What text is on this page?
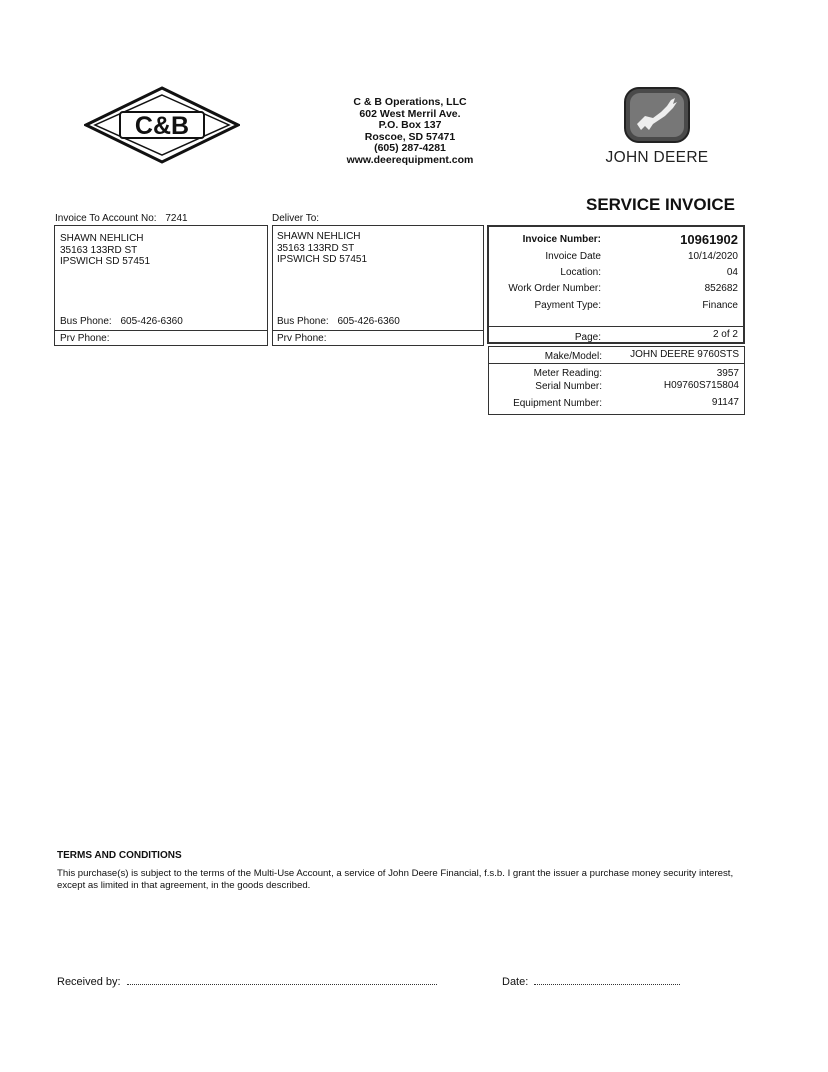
C&B
C & B Operations, LLC
602 West Merril Ave.
P.O. Box 137
Roscoe, SD 57471
(605) 287-4281
www.deerequipment.com	JOHN DEERE
SERVICE INVOICE
Invoice To Account No: 7241	Deliver To:
SHAWN NEHLICH
35163 133RD ST
IPSWICH SD 57451
Bus Phone: 605-426-6360
Prv Phone:
SHAWN NEHLICH
35163 133RD ST
IPSWICH SD 57451
Bus Phone: 605-426-6360
Prv Phone:
Invoice Number:	10961902
Invoice Date	10/14/2020
Location:	04
Work Order Number:	852682
Payment Type:	Finance
Page:	2 of 2
Make/Model:	JOHN DEERE 9760STS
Meter Reading:	3957
Serial Number:	H09760S715804
Equipment Number:	91147
TERMS AND CONDITIONS
This purchase(s) is subject to the terms of the Multi-Use Account, a service of John Deere Financial, f.s.b. I grant the issuer a purchase money security interest, except as limited in that agreement, in the goods described.
Received by:	Date:
